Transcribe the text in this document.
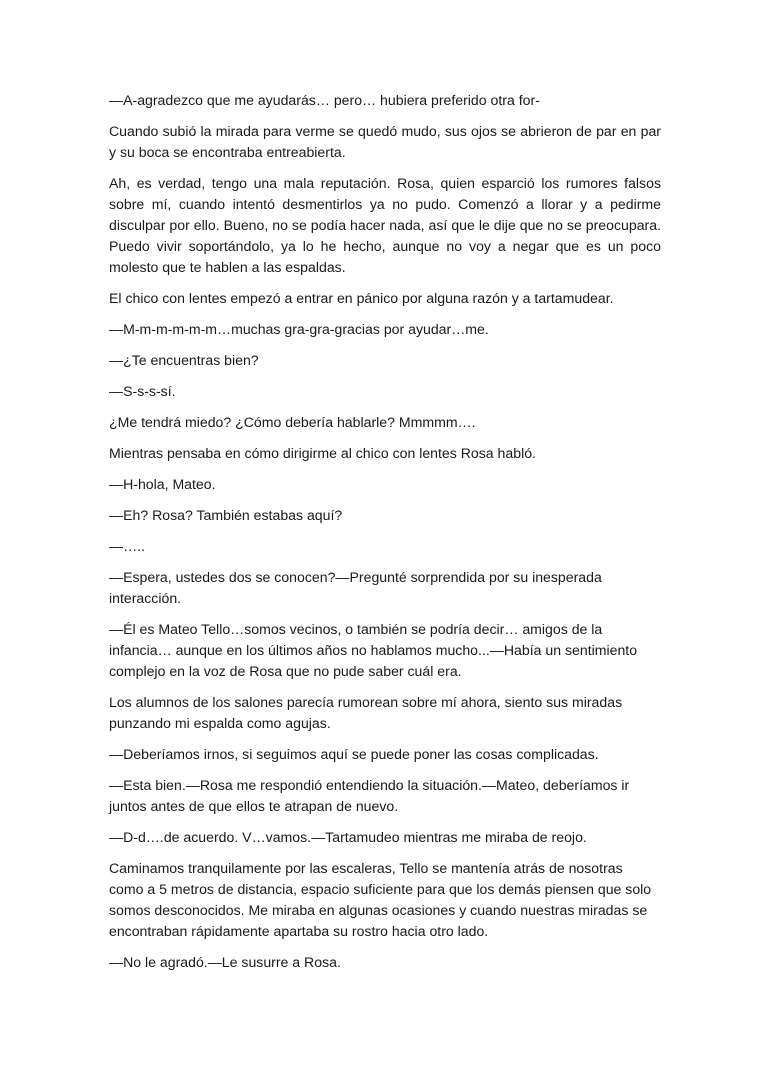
—A-agradezco que me ayudarás… pero… hubiera preferido otra for-

Cuando subió la mirada para verme se quedó mudo, sus ojos se abrieron de par en par y su boca se encontraba entreabierta.

Ah, es verdad, tengo una mala reputación. Rosa, quien esparció los rumores falsos sobre mí, cuando intentó desmentirlos ya no pudo. Comenzó a llorar y a pedirme disculpar por ello. Bueno, no se podía hacer nada, así que le dije que no se preocupara. Puedo vivir soportándolo, ya lo he hecho, aunque no voy a negar que es un poco molesto que te hablen a las espaldas.

El chico con lentes empezó a entrar en pánico por alguna razón y a tartamudear.

—M-m-m-m-m-m…muchas gra-gra-gracias por ayudar…me.

—¿Te encuentras bien?

—S-s-s-sí.

¿Me tendrá miedo? ¿Cómo debería hablarle? Mmmmm….

Mientras pensaba en cómo dirigirme al chico con lentes Rosa habló.

—H-hola, Mateo.

—Eh? Rosa? También estabas aquí?

—…..

—Espera, ustedes dos se conocen?—Pregunté sorprendida por su inesperada interacción.

—Él es Mateo Tello…somos vecinos, o también se podría decir… amigos de la infancia… aunque en los últimos años no hablamos mucho...—Había un sentimiento complejo en la voz de Rosa que no pude saber cuál era.

Los alumnos de los salones parecía rumorean sobre mí ahora, siento sus miradas punzando mi espalda como agujas.

—Deberíamos irnos, si seguimos aquí se puede poner las cosas complicadas.

—Esta bien.—Rosa me respondió entendiendo la situación.—Mateo, deberíamos ir juntos antes de que ellos te atrapan de nuevo.

—D-d….de acuerdo. V…vamos.—Tartamudeo mientras me miraba de reojo.

Caminamos tranquilamente por las escaleras, Tello se mantenía atrás de nosotras como a 5 metros de distancia, espacio suficiente para que los demás piensen que solo somos desconocidos. Me miraba en algunas ocasiones y cuando nuestras miradas se encontraban rápidamente apartaba su rostro hacia otro lado.

—No le agradó.—Le susurre a Rosa.
